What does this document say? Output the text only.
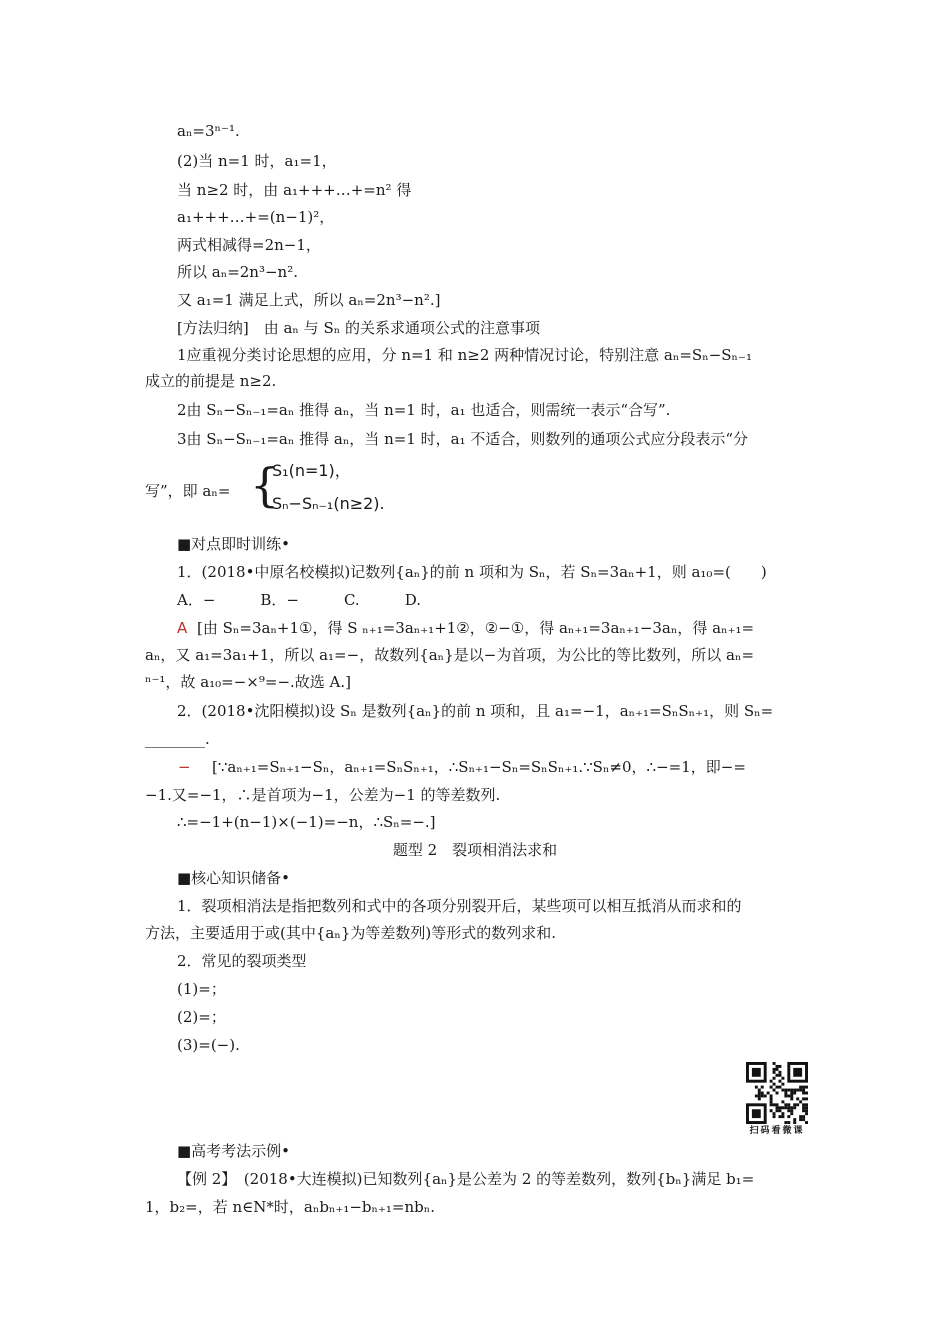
aₙ=3ⁿ⁻¹.
(2)当 n=1 时，a₁=1，
当 n≥2 时，由 a₁+++…+=n² 得
a₁+++…+=(n−1)²，
两式相减得=2n−1，
所以 aₙ=2n³−n².
又 a₁=1 满足上式，所以 aₙ=2n³−n².]
[方法归纳]　由 aₙ 与 Sₙ 的关系求通项公式的注意事项
1应重视分类讨论思想的应用，分 n=1 和 n≥2 两种情况讨论，特别注意 aₙ=Sₙ−Sₙ₋₁
成立的前提是 n≥2.
2由 Sₙ−Sₙ₋₁=aₙ 推得 aₙ，当 n=1 时，a₁ 也适合，则需统一表示“合写”.
3由 Sₙ−Sₙ₋₁=aₙ 推得 aₙ，当 n=1 时，a₁ 不适合，则数列的通项公式应分段表示“分
写”，即 aₙ=
■对点即时训练•
1．(2018•中原名校模拟)记数列{aₙ}的前 n 项和为 Sₙ，若 Sₙ=3aₙ+1，则 a₁₀=(　　)
A．−　　　B．−　　　C.　　　D.
[由 Sₙ=3aₙ+1①，得 S ₙ₊₁=3aₙ₊₁+1②，②−①，得 aₙ₊₁=3aₙ₊₁−3aₙ，得 aₙ₊₁=
aₙ，又 a₁=3a₁+1，所以 a₁=−，故数列{aₙ}是以−为首项，为公比的等比数列，所以 aₙ=
ⁿ⁻¹，故 a₁₀=−×⁹=−.故选 A.]
2．(2018•沈阳模拟)设 Sₙ 是数列{aₙ}的前 n 项和，且 a₁=−1，aₙ₊₁=SₙSₙ₊₁，则 Sₙ=
________.
[∵aₙ₊₁=Sₙ₊₁−Sₙ，aₙ₊₁=SₙSₙ₊₁，∴Sₙ₊₁−Sₙ=SₙSₙ₊₁.∵Sₙ≠0，∴−=1，即−=
−1.又=−1，∴是首项为−1，公差为−1 的等差数列.
∴=−1+(n−1)×(−1)=−n，∴Sₙ=−.]
■核心知识储备•
1．裂项相消法是指把数列和式中的各项分别裂开后，某些项可以相互抵消从而求和的
方法，主要适用于或(其中{aₙ}为等差数列)等形式的数列求和.
2．常见的裂项类型
(1)=；
(2)=；
(3)=(−).
■高考考法示例•
【例 2】　(2018•大连模拟)已知数列{aₙ}是公差为 2 的等差数列，数列{bₙ}满足 b₁=
1，b₂=，若 n∈N*时，aₙbₙ₊₁−bₙ₊₁=nbₙ.
题型 2　裂项相消法求和
A
−
{
S₁(n=1)，
Sₙ−Sₙ₋₁(n≥2).
扫码看微课
